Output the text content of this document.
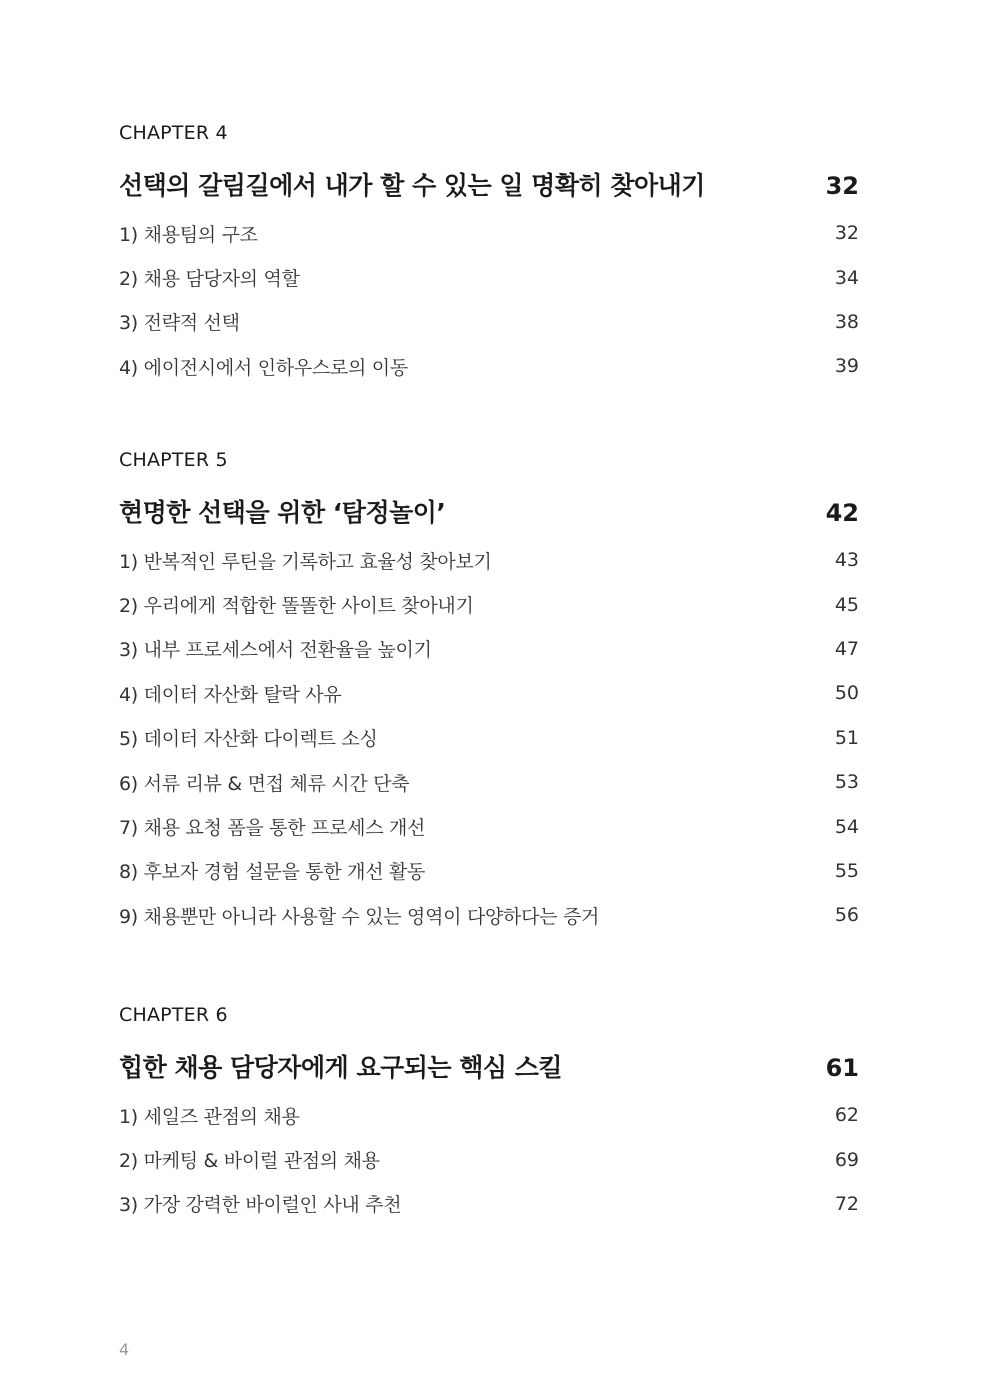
CHAPTER 4
선택의 갈림길에서 내가 할 수 있는 일 명확히 찾아내기	32
1) 채용팀의 구조	32
2) 채용 담당자의 역할	34
3) 전략적 선택	38
4) 에이전시에서 인하우스로의 이동	39
CHAPTER 5
현명한 선택을 위한 ‘탐정놀이’	42
1) 반복적인 루틴을 기록하고 효율성 찾아보기	43
2) 우리에게 적합한 똘똘한 사이트 찾아내기	45
3) 내부 프로세스에서 전환율을 높이기	47
4) 데이터 자산화 탈락 사유	50
5) 데이터 자산화 다이렉트 소싱	51
6) 서류 리뷰 & 면접 체류 시간 단축	53
7) 채용 요청 폼을 통한 프로세스 개선	54
8) 후보자 경험 설문을 통한 개선 활동	55
9) 채용뿐만 아니라 사용할 수 있는 영역이 다양하다는 증거	56
CHAPTER 6
힙한 채용 담당자에게 요구되는 핵심 스킬	61
1) 세일즈 관점의 채용	62
2) 마케팅 & 바이럴 관점의 채용	69
3) 가장 강력한 바이럴인 사내 추천	72
4
